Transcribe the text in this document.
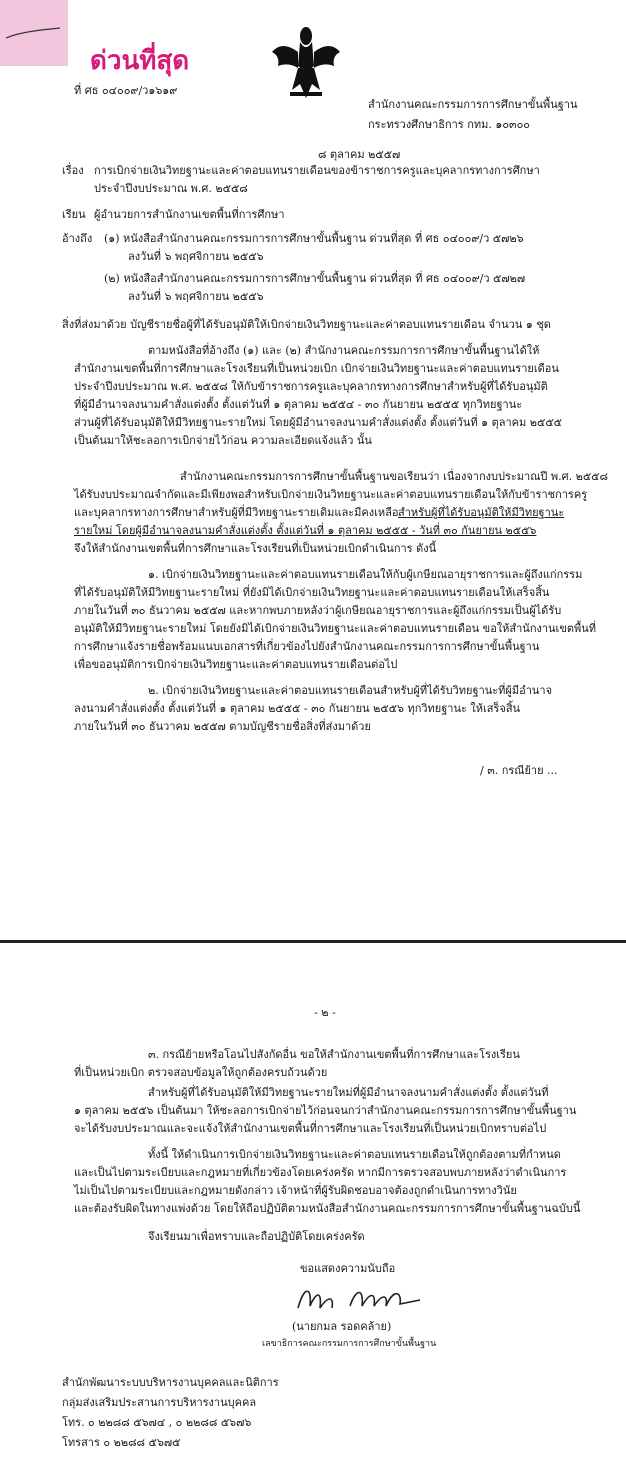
ด่วนที่สุด
ที่ ศธ ๐๔๐๐๙/ว๑๖๑๙
สำนักงานคณะกรรมการการศึกษาขั้นพื้นฐาน
กระทรวงศึกษาธิการ กทม. ๑๐๓๐๐
๘ ตุลาคม ๒๕๕๗
เรื่อง การเบิกจ่ายเงินวิทยฐานะและค่าตอบแทนรายเดือนของข้าราชการครูและบุคลากรทางการศึกษา
ประจำปีงบประมาณ พ.ศ. ๒๕๕๘
เรียน ผู้อำนวยการสำนักงานเขตพื้นที่การศึกษา
อ้างถึง (๑) หนังสือสำนักงานคณะกรรมการการศึกษาขั้นพื้นฐาน ด่วนที่สุด ที่ ศธ ๐๔๐๐๙/ว ๕๗๒๖
ลงวันที่ ๖ พฤศจิกายน ๒๕๕๖
(๒) หนังสือสำนักงานคณะกรรมการการศึกษาขั้นพื้นฐาน ด่วนที่สุด ที่ ศธ ๐๔๐๐๙/ว ๕๗๒๗
ลงวันที่ ๖ พฤศจิกายน ๒๕๕๖
สิ่งที่ส่งมาด้วย บัญชีรายชื่อผู้ที่ได้รับอนุมัติให้เบิกจ่ายเงินวิทยฐานะและค่าตอบแทนรายเดือน จำนวน ๑ ชุด
ตามหนังสือที่อ้างถึง (๑) และ (๒) สำนักงานคณะกรรมการการศึกษาขั้นพื้นฐานได้ให้
สำนักงานเขตพื้นที่การศึกษาและโรงเรียนที่เป็นหน่วยเบิก เบิกจ่ายเงินวิทยฐานะและค่าตอบแทนรายเดือน
ประจำปีงบประมาณ พ.ศ. ๒๕๕๘ ให้กับข้าราชการครูและบุคลากรทางการศึกษาสำหรับผู้ที่ได้รับอนุมัติ
ที่ผู้มีอำนาจลงนามคำสั่งแต่งตั้ง ตั้งแต่วันที่ ๑ ตุลาคม ๒๕๕๔ - ๓๐ กันยายน ๒๕๕๕ ทุกวิทยฐานะ
ส่วนผู้ที่ได้รับอนุมัติให้มีวิทยฐานะรายใหม่ โดยผู้มีอำนาจลงนามคำสั่งแต่งตั้ง ตั้งแต่วันที่ ๑ ตุลาคม ๒๕๕๕
เป็นต้นมาให้ชะลอการเบิกจ่ายไว้ก่อน ความละเอียดแจ้งแล้ว นั้น
สำนักงานคณะกรรมการการศึกษาขั้นพื้นฐานขอเรียนว่า เนื่องจากงบประมาณปี พ.ศ. ๒๕๕๘
ได้รับงบประมาณจำกัดและมีเพียงพอสำหรับเบิกจ่ายเงินวิทยฐานะและค่าตอบแทนรายเดือนให้กับข้าราชการครู
และบุคลากรทางการศึกษาสำหรับผู้ที่มีวิทยฐานะรายเดิมและมีคงเหลือ สำหรับผู้ที่ได้รับอนุมัติให้มีวิทยฐานะ
รายใหม่ โดยผู้มีอำนาจลงนามคำสั่งแต่งตั้ง ตั้งแต่วันที่ ๑ ตุลาคม ๒๕๕๕ - วันที่ ๓๐ กันยายน ๒๕๕๖
จึงให้สำนักงานเขตพื้นที่การศึกษาและโรงเรียนที่เป็นหน่วยเบิกดำเนินการ ดังนี้
๑. เบิกจ่ายเงินวิทยฐานะและค่าตอบแทนรายเดือนให้กับผู้เกษียณอายุราชการและผู้ถึงแก่กรรม
ที่ได้รับอนุมัติให้มีวิทยฐานะรายใหม่ ที่ยังมิได้เบิกจ่ายเงินวิทยฐานะและค่าตอบแทนรายเดือนให้เสร็จสิ้น
ภายในวันที่ ๓๐ ธันวาคม ๒๕๕๗ และหากพบภายหลังว่าผู้เกษียณอายุราชการและผู้ถึงแก่กรรมเป็นผู้ได้รับ
อนุมัติให้มีวิทยฐานะรายใหม่ โดยยังมิได้เบิกจ่ายเงินวิทยฐานะและค่าตอบแทนรายเดือน ขอให้สำนักงานเขตพื้นที่
การศึกษาแจ้งรายชื่อพร้อมแนบเอกสารที่เกี่ยวข้องไปยังสำนักงานคณะกรรมการการศึกษาขั้นพื้นฐาน
เพื่อขออนุมัติการเบิกจ่ายเงินวิทยฐานะและค่าตอบแทนรายเดือนต่อไป
๒. เบิกจ่ายเงินวิทยฐานะและค่าตอบแทนรายเดือนสำหรับผู้ที่ได้รับวิทยฐานะที่ผู้มีอำนาจ
ลงนามคำสั่งแต่งตั้ง ตั้งแต่วันที่ ๑ ตุลาคม ๒๕๕๕ - ๓๐ กันยายน ๒๕๕๖ ทุกวิทยฐานะ ให้เสร็จสิ้น
ภายในวันที่ ๓๐ ธันวาคม ๒๕๕๗ ตามบัญชีรายชื่อสิ่งที่ส่งมาด้วย
/ ๓. กรณีย้าย ...
- ๒ -
๓. กรณีย้ายหรือโอนไปสังกัดอื่น ขอให้สำนักงานเขตพื้นที่การศึกษาและโรงเรียน
ที่เป็นหน่วยเบิก ตรวจสอบข้อมูลให้ถูกต้องครบถ้วนด้วย
สำหรับผู้ที่ได้รับอนุมัติให้มีวิทยฐานะรายใหม่ที่ผู้มีอำนาจลงนามคำสั่งแต่งตั้ง ตั้งแต่วันที่
๑ ตุลาคม ๒๕๕๖ เป็นต้นมา ให้ชะลอการเบิกจ่ายไว้ก่อนจนกว่าสำนักงานคณะกรรมการการศึกษาขั้นพื้นฐาน
จะได้รับงบประมาณและจะแจ้งให้สำนักงานเขตพื้นที่การศึกษาและโรงเรียนที่เป็นหน่วยเบิกทราบต่อไป
ทั้งนี้ ให้ดำเนินการเบิกจ่ายเงินวิทยฐานะและค่าตอบแทนรายเดือนให้ถูกต้องตามที่กำหนด
และเป็นไปตามระเบียบและกฎหมายที่เกี่ยวข้องโดยเคร่งครัด หากมีการตรวจสอบพบภายหลังว่าดำเนินการ
ไม่เป็นไปตามระเบียบและกฎหมายดังกล่าว เจ้าหน้าที่ผู้รับผิดชอบอาจต้องถูกดำเนินการทางวินัย
และต้องรับผิดในทางแพ่งด้วย โดยให้ถือปฏิบัติตามหนังสือสำนักงานคณะกรรมการการศึกษาขั้นพื้นฐานฉบับนี้
จึงเรียนมาเพื่อทราบและถือปฏิบัติโดยเคร่งครัด
ขอแสดงความนับถือ
(นายกมล รอดคล้าย)
เลขาธิการคณะกรรมการการศึกษาขั้นพื้นฐาน
สำนักพัฒนาระบบบริหารงานบุคคลและนิติการ
กลุ่มส่งเสริมประสานการบริหารงานบุคคล
โทร. ๐ ๒๒๘๘ ๕๖๗๔ , ๐ ๒๒๘๘ ๕๖๗๖
โทรสาร ๐ ๒๒๘๘ ๕๖๗๕
